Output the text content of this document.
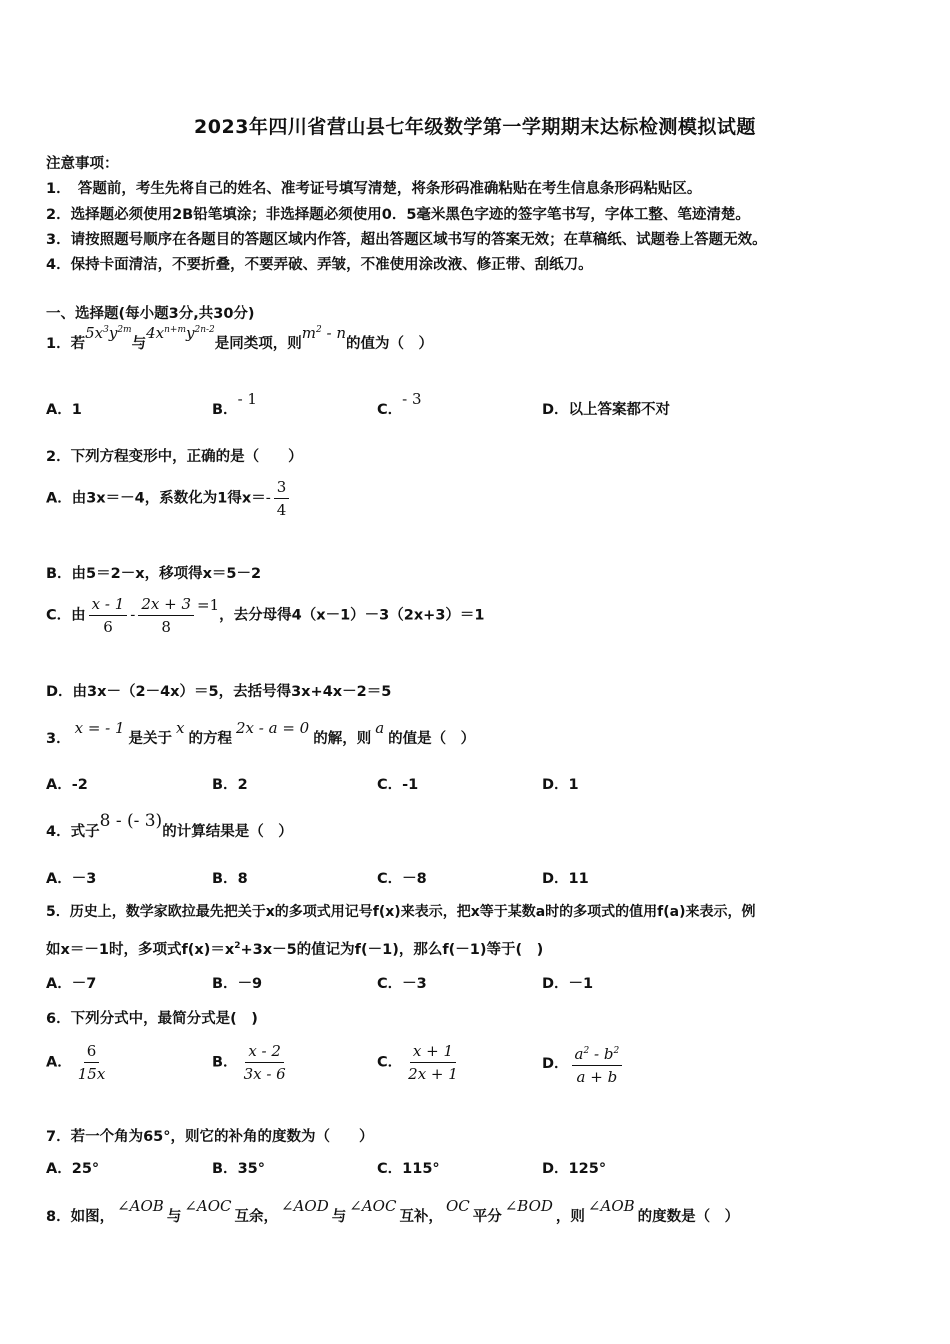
2023年四川省营山县七年级数学第一学期期末达标检测模拟试题
注意事项：
1．　答题前，考生先将自己的姓名、准考证号填写清楚，将条形码准确粘贴在考生信息条形码粘贴区。
2．选择题必须使用2B铅笔填涂；非选择题必须使用0．5毫米黑色字迹的签字笔书写，字体工整、笔迹清楚。
3．请按照题号顺序在各题目的答题区域内作答，超出答题区域书写的答案无效；在草稿纸、试题卷上答题无效。
4．保持卡面清洁，不要折叠，不要弄破、弄皱，不准使用涂改液、修正带、刮纸刀。
一、选择题(每小题3分,共30分)
1．若$5x^3y^{2m}$与$4x^{n+m}y^{2n-2}$是同类项，则$m^2$ - n的值为（　）
A．1	B．- 1
C．- 3
D．以上答案都不对
2．下列方程变形中，正确的是（　　）
A．由3x＝－4，系数化为1得$x=- \frac{3}{4}$
B．由5＝2－x，移项得x＝5－2
C．由 $\frac{x - 1}{6} - \frac{2x + 3}{8} =1$，去分母得4（x－1）－3（2x+3）＝1
D．由3x－（2－4x）＝5，去括号得3x+4x－2＝5
3．x = - 1是关于x的方程2x - a = 0的解，则a的值是（　）
A．-2	B．2	C．-1	D．1
4．式子8 - (- 3)的计算结果是（　）
A．－3	B．8	C．－8	D．11
5．历史上，数学家欧拉最先把关于x的多项式用记号f(x)来表示，把x等于某数a时的多项式的值用f(a)来表示，例
如x＝－1时，多项式$f(x)=x^2+3x-5$的值记为f(－1)，那么f(－1)等于(　)
A．－7	B．－9	C．－3	D．－1
6．下列分式中，最简分式是(　)
A． $\frac{6}{15x}$	B． $\frac{x - 2}{3x - 6}$	C． $\frac{x + 1}{2x + 1}$	D． $\frac{a^2 - b^2}{a + b}$
7．若一个角为65°，则它的补角的度数为（　　）
A．25°	B．35°	C．115°	D．125°
8．如图，∠AOB与∠AOC互余，∠AOD与∠AOC互补，OC平分∠BOD，则∠AOB的度数是（　）
